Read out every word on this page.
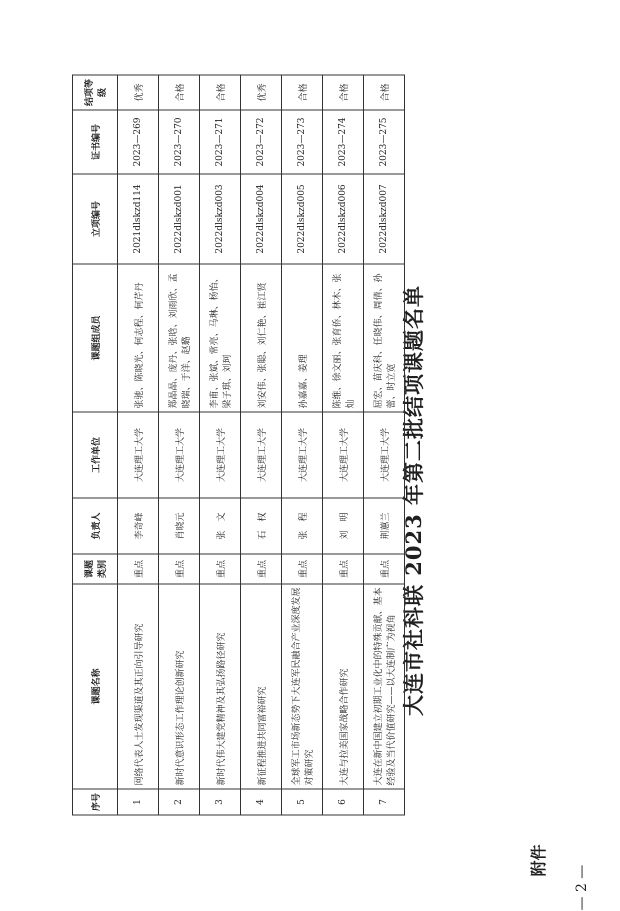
附件
— 2 —
大连市社科联 2023 年第二批结项课题名单
序号	课题名称	课题类别	负责人	工作单位	课题组成员	立项编号	证书编号	结项等级
1	网络代表人士发现渠道及其正向引导研究	重点	李奇峰	大连理工大学	张驰、陈晓光、何志程、何芹丹	2021dlskzd114	2023—269	优秀
2	新时代意识形态工作理论创新研究	重点	肖晓元	大连理工大学	郑晶晶、庞丹、张晗、刘雨欣、孟晓瑞、于洋、赵璐	2022dlskzd001	2023—270	合格
3	新时代伟大建党精神及其弘扬路径研究	重点	张　文	大连理工大学	李甫、张斌、常亮、马琳、杨怡、梁子琪、刘珂	2022dlskzd003	2023—271	合格
4	新征程推进共同富裕研究	重点	石　权	大连理工大学	刘安伟、张聪、刘仁艳、崔江贤	2022dlskzd004	2023—272	优秀
5	全球军工市场新态势下大连军民融合产业深度发展对策研究	重点	张　程	大连理工大学	孙嘉嘉、姜理	2022dlskzd005	2023—273	合格
6	大连与拉美国家战略合作研究	重点	刘　明	大连理工大学	陈维、徐文丽、张育侨、林木、张灿	2022dlskzd006	2023—274	合格
7	大连在新中国建立初期工业化中的特殊贡献、基本经验及当代价值研究——以大连制广为视角	重点	荆蕙兰	大连理工大学	屈宏、苗庆科、任晓伟、周倩、孙蕾、时立宽	2022dlskzd007	2023—275	合格
